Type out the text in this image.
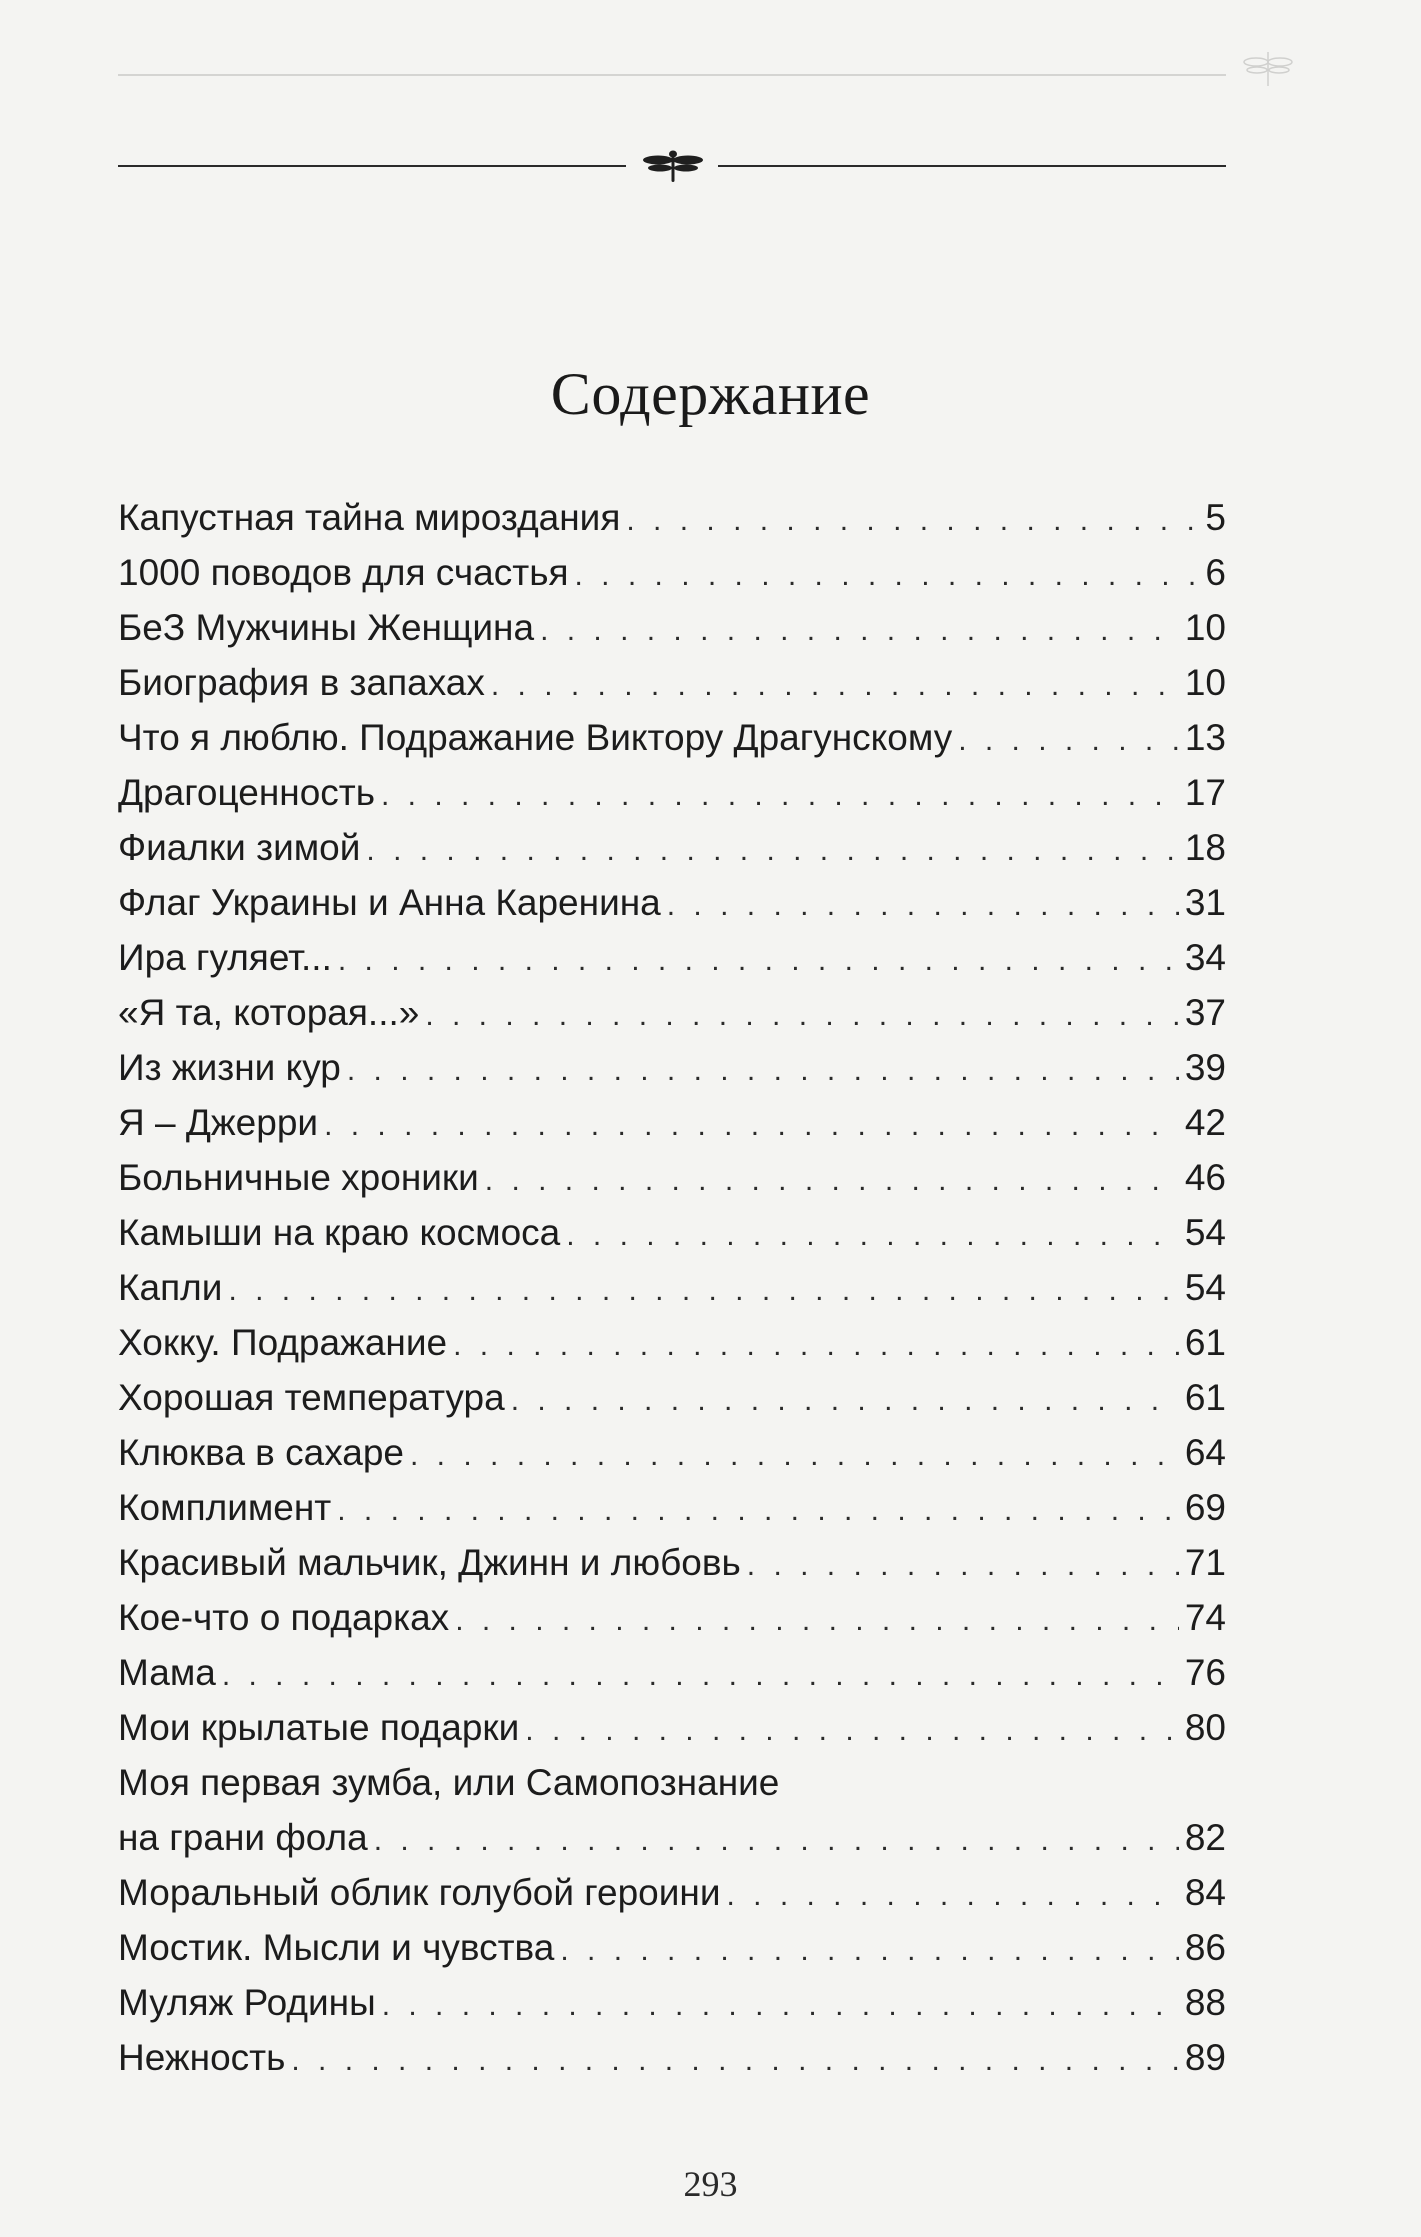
Содержание
Капустная тайна мироздания . . .	5
1000 поводов для счастья . . .	6
БеЗ Мужчины Женщина . . .	10
Биография в запахах . . .	10
Что я люблю. Подражание Виктору Драгунскому . . .	13
Драгоценность . . .	17
Фиалки зимой . . .	18
Флаг Украины и Анна Каренина . . .	31
Ира гуляет... . . .	34
«Я та, которая...» . . .	37
Из жизни кур . . .	39
Я – Джерри . . .	42
Больничные хроники . . .	46
Камыши на краю космоса . . .	54
Капли . . .	54
Хокку. Подражание . . .	61
Хорошая температура . . .	61
Клюква в сахаре . . .	64
Комплимент . . .	69
Красивый мальчик, Джинн и любовь . . .	71
Кое-что о подарках . . .	74
Мама . . .	76
Мои крылатые подарки . . .	80
Моя первая зумба, или Самопознание
на грани фола . . .	82
Моральный облик голубой героини . . .	84
Мостик. Мысли и чувства . . .	86
Муляж Родины . . .	88
Нежность . . .	89
293
